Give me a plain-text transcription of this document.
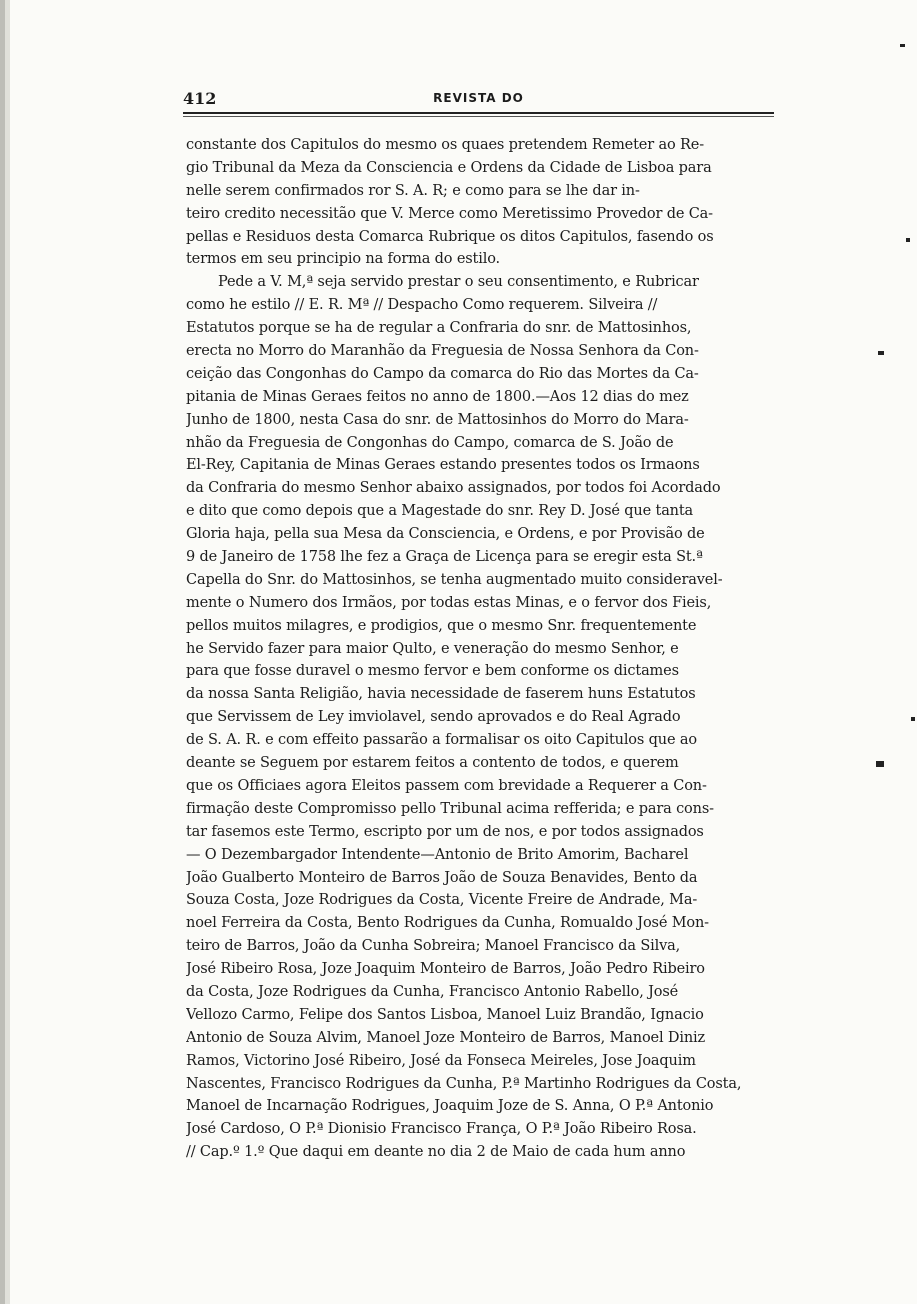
412	REVISTA DO
constante dos Capitulos do mesmo os quaes pretendem Remeter ao Re-
gio Tribunal da Meza da Consciencia e Ordens da Cidade de Lisboa para
nelle serem confirmados ror S. A. R; e como para se lhe dar in-
teiro credito necessitão que V. Merce como Meretissimo Provedor de Ca-
pellas e Residuos desta Comarca Rubrique os ditos Capitulos, fasendo os
termos em seu principio na forma do estilo.
Pede a V. M,ª seja servido prestar o seu consentimento, e Rubricar
como he estilo // E. R. Mª // Despacho Como requerem. Silveira //
Estatutos porque se ha de regular a Confraria do snr. de Mattosinhos,
erecta no Morro do Maranhão da Freguesia de Nossa Senhora da Con-
ceição das Congonhas do Campo da comarca do Rio das Mortes da Ca-
pitania de Minas Geraes feitos no anno de 1800.—Aos 12 dias do mez
Junho de 1800, nesta Casa do snr. de Mattosinhos do Morro do Mara-
nhão da Freguesia de Congonhas do Campo, comarca de S. João de
El-Rey, Capitania de Minas Geraes estando presentes todos os Irmaons
da Confraria do mesmo Senhor abaixo assignados, por todos foi Acordado
e dito que como depois que a Magestade do snr. Rey D. José que tanta
Gloria haja, pella sua Mesa da Consciencia, e Ordens, e por Provisão de
9 de Janeiro de 1758 lhe fez a Graça de Licença para se eregir esta St.ª
Capella do Snr. do Mattosinhos, se tenha augmentado muito consideravel-
mente o Numero dos Irmãos, por todas estas Minas, e o fervor dos Fieis,
pellos muitos milagres, e prodigios, que o mesmo Snr. frequentemente
he Servido fazer para maior Qulto, e veneração do mesmo Senhor, e
para que fosse duravel o mesmo fervor e bem conforme os dictames
da nossa Santa Religião, havia necessidade de faserem huns Estatutos
que Servissem de Ley imviolavel, sendo aprovados e do Real Agrado
de S. A. R. e com effeito passarão a formalisar os oito Capitulos que ao
deante se Seguem por estarem feitos a contento de todos, e querem
que os Officiaes agora Eleitos passem com brevidade a Requerer a Con-
firmação deste Compromisso pello Tribunal acima refferida; e para cons-
tar fasemos este Termo, escripto por um de nos, e por todos assignados
— O Dezembargador Intendente—Antonio de Brito Amorim, Bacharel
João Gualberto Monteiro de Barros João de Souza Benavides, Bento da
Souza Costa, Joze Rodrigues da Costa, Vicente Freire de Andrade, Ma-
noel Ferreira da Costa, Bento Rodrigues da Cunha, Romualdo José Mon-
teiro de Barros, João da Cunha Sobreira; Manoel Francisco da Silva,
José Ribeiro Rosa, Joze Joaquim Monteiro de Barros, João Pedro Ribeiro
da Costa, Joze Rodrigues da Cunha, Francisco Antonio Rabello, José
Vellozo Carmo, Felipe dos Santos Lisboa, Manoel Luiz Brandão, Ignacio
Antonio de Souza Alvim, Manoel Joze Monteiro de Barros, Manoel Diniz
Ramos, Victorino José Ribeiro, José da Fonseca Meireles, Jose Joaquim
Nascentes, Francisco Rodrigues da Cunha, P.ª Martinho Rodrigues da Costa,
Manoel de Incarnação Rodrigues, Joaquim Joze de S. Anna, O P.ª Antonio
José Cardoso, O P.ª Dionisio Francisco França, O P.ª João Ribeiro Rosa.
// Cap.º 1.º Que daqui em deante no dia 2 de Maio de cada hum anno
